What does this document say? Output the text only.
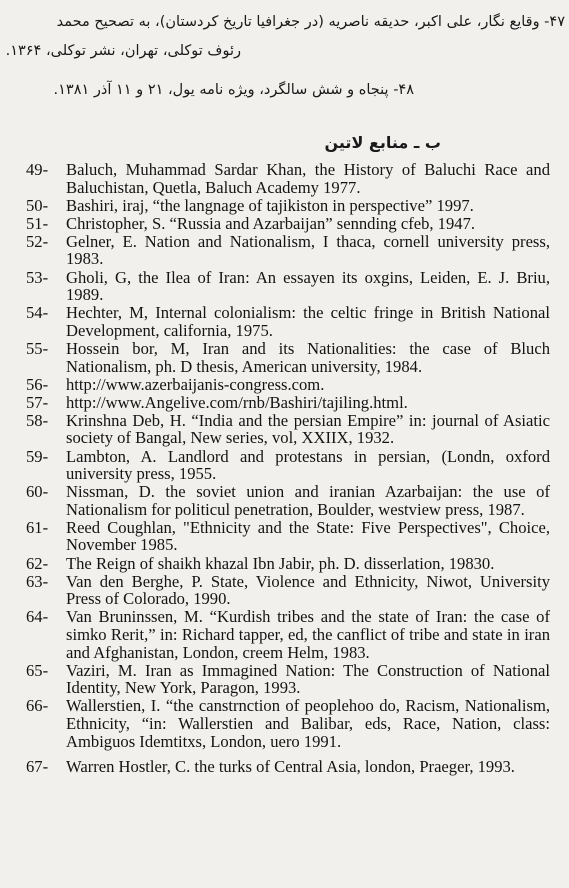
۴۷- وقایع نگار، علی اکبر، حدیقه ناصریه (در جغرافیا تاریخ کردستان)، به تصحیح محمد
رئوف توکلی، تهران، نشر توکلی، ۱۳۶۴.
۴۸- پنجاه و شش سالگرد، ویژه نامه یول، ۲۱ و ۱۱ آذر ۱۳۸۱.
ب ـ منابع لاتین
49-	Baluch, Muhammad Sardar Khan, the History of Baluchi Race and Baluchistan, Quetla, Baluch Academy 1977.
50-	Bashiri, iraj, “the langnage of tajikiston in perspective” 1997.
51-	Christopher, S. “Russia and Azarbaijan” sennding cfeb, 1947.
52-	Gelner, E. Nation and Nationalism, I thaca, cornell university press, 1983.
53-	Gholi, G, the Ilea of Iran: An essayen its oxgins, Leiden, E. J. Briu, 1989.
54-	Hechter, M, Internal colonialism: the celtic fringe in British National Development, california, 1975.
55-	Hossein bor, M, Iran and its Nationalities: the case of Bluch Nationalism, ph. D thesis, American university, 1984.
56-	http://www.azerbaijanis-congress.com.
57-	http://www.Angelive.com/rnb/Bashiri/tajiling.html.
58-	Krinshna Deb, H. “India and the persian Empire” in: journal of Asiatic society of Bangal, New series, vol, XXIIX, 1932.
59-	Lambton, A. Landlord and protestans in persian, (Londn, oxford university press, 1955.
60-	Nissman, D. the soviet union and iranian Azarbaijan: the use of Nationalism for politicul penetration, Boulder, westview press, 1987.
61-	Reed Coughlan, "Ethnicity and the State: Five Perspectives", Choice, November 1985.
62-	The Reign of shaikh khazal Ibn Jabir, ph. D. disserlation, 19830.
63-	Van den Berghe, P. State, Violence and Ethnicity, Niwot, University Press of Colorado, 1990.
64-	Van Bruninssen, M. “Kurdish tribes and the state of Iran: the case of simko Rerit,” in: Richard tapper, ed, the canflict of tribe and state in iran and Afghanistan, London, creem Helm, 1983.
65-	Vaziri, M. Iran as Immagined Nation: The Construction of National Identity, New York, Paragon, 1993.
66-	Wallerstien, I. “the canstrnction of peoplehoo do, Racism, Nationalism, Ethnicity, “in: Wallerstien and Balibar, eds, Race, Nation, class: Ambiguos Idemtitxs, London, uero 1991.
67-	Warren Hostler, C. the turks of Central Asia, london, Praeger, 1993.
